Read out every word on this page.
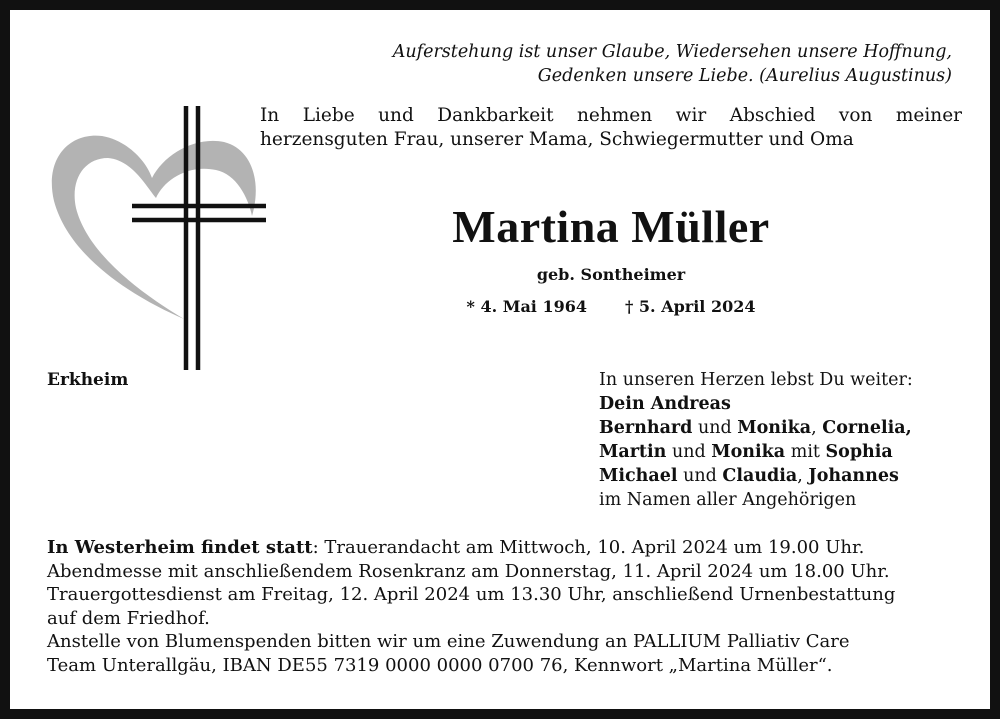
Auferstehung ist unser Glaube, Wiedersehen unsere Hoffnung,
Gedenken unsere Liebe. (Aurelius Augustinus)
In Liebe und Dankbarkeit nehmen wir Abschied von meiner
herzensguten Frau, unserer Mama, Schwiegermutter und Oma
Martina Müller
geb. Sontheimer
* 4. Mai 1964 † 5. April 2024
Erkheim	In unseren Herzen lebst Du weiter:
Dein Andreas
Bernhard und Monika, Cornelia,
Martin und Monika mit Sophia
Michael und Claudia, Johannes
im Namen aller Angehörigen
In Westerheim findet statt: Trauerandacht am Mittwoch, 10. April 2024 um 19.00 Uhr.
Abendmesse mit anschließendem Rosenkranz am Donnerstag, 11. April 2024 um 18.00 Uhr.
Trauergottesdienst am Freitag, 12. April 2024 um 13.30 Uhr, anschließend Urnenbestattung
auf dem Friedhof.
Anstelle von Blumenspenden bitten wir um eine Zuwendung an PALLIUM Palliativ Care
Team Unterallgäu, IBAN DE55 7319 0000 0000 0700 76, Kennwort „Martina Müller“.
